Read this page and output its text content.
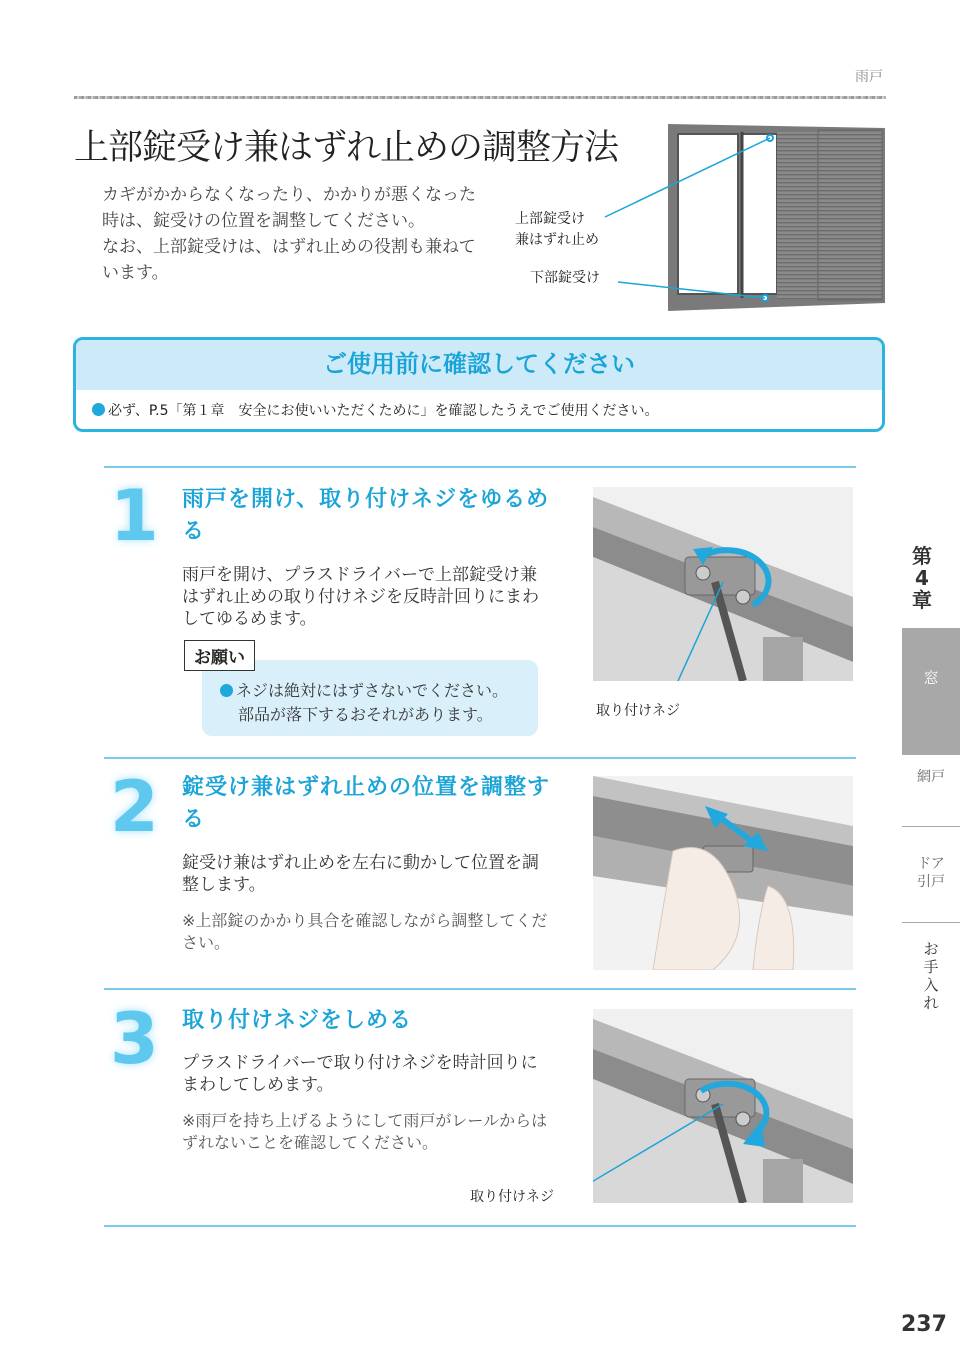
雨戸
上部錠受け兼はずれ止めの調整方法
カギがかからなくなったり、かかりが悪くなった
時は、錠受けの位置を調整してください。
なお、上部錠受けは、はずれ止めの役割も兼ねて
います。
上部錠受け
兼はずれ止め
下部錠受け
ご使用前に確認してください
必ず、P.5「第１章　安全にお使いいただくために」を確認したうえでご使用ください。
1 雨戸を開け、取り付けネジをゆるめる
雨戸を開け、プラスドライバーで上部錠受け兼はずれ止めの取り付けネジを反時計回りにまわしてゆるめます。
お願い
ネジは絶対にはずさないでください。
部品が落下するおそれがあります。	取り付けネジ
2 錠受け兼はずれ止めの位置を調整する
錠受け兼はずれ止めを左右に動かして位置を調整します。
※上部錠のかかり具合を確認しながら調整してください。
3 取り付けネジをしめる
プラスドライバーで取り付けネジを時計回りにまわしてしめます。
※雨戸を持ち上げるようにして雨戸がレールからはずれないことを確認してください。
取り付けネジ
第
4
章
窓
網戸
ドア
引戸
お
手
入
れ
237
